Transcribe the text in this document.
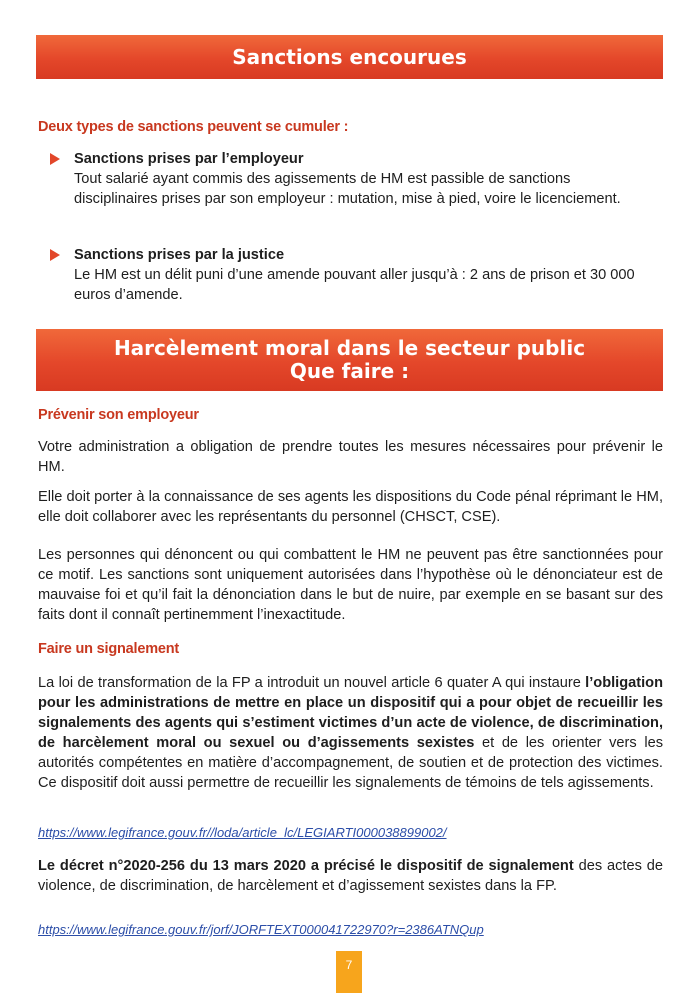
Sanctions encourues
Deux types de sanctions peuvent se cumuler :
Sanctions prises par l’employeur
Tout salarié ayant commis des agissements de HM est passible de sanctions disciplinaires prises par son employeur : mutation, mise à pied, voire le licenciement.
Sanctions prises par la justice
Le HM est un délit puni d’une amende pouvant aller jusqu’à : 2 ans de prison et 30 000 euros d’amende.
Harcèlement moral dans le secteur public
Que faire :
Prévenir son employeur
Votre administration a obligation de prendre toutes les mesures nécessaires pour prévenir le HM.
Elle doit porter à la connaissance de ses agents les dispositions du Code pénal réprimant le HM, elle doit collaborer avec les représentants du personnel (CHSCT, CSE).
Les personnes qui dénoncent ou qui combattent le HM ne peuvent pas être sanctionnées pour ce motif. Les sanctions sont uniquement autorisées dans l’hypothèse où le dénonciateur est de mauvaise foi et qu’il fait la dénonciation dans le but de nuire, par exemple en se basant sur des faits dont il connaît pertinemment l’inexactitude.
Faire un signalement
La loi de transformation de la FP a introduit un nouvel article 6 quater A qui instaure l’obligation pour les administrations de mettre en place un dispositif qui a pour objet de recueillir les signalements des agents qui s’estiment victimes d’un acte de violence, de discrimination, de harcèlement moral ou sexuel ou d’agissements sexistes et de les orienter vers les autorités compétentes en matière d’accompagnement, de soutien et de protection des victimes. Ce dispositif doit aussi permettre de recueillir les signalements de témoins de tels agissements.
https://www.legifrance.gouv.fr//loda/article_lc/LEGIARTI000038899002/
Le décret n°2020-256 du 13 mars 2020 a précisé le dispositif de signalement des actes de violence, de discrimination, de harcèlement et d’agissement sexistes dans la FP.
https://www.legifrance.gouv.fr/jorf/JORFTEXT000041722970?r=2386ATNQup
7
